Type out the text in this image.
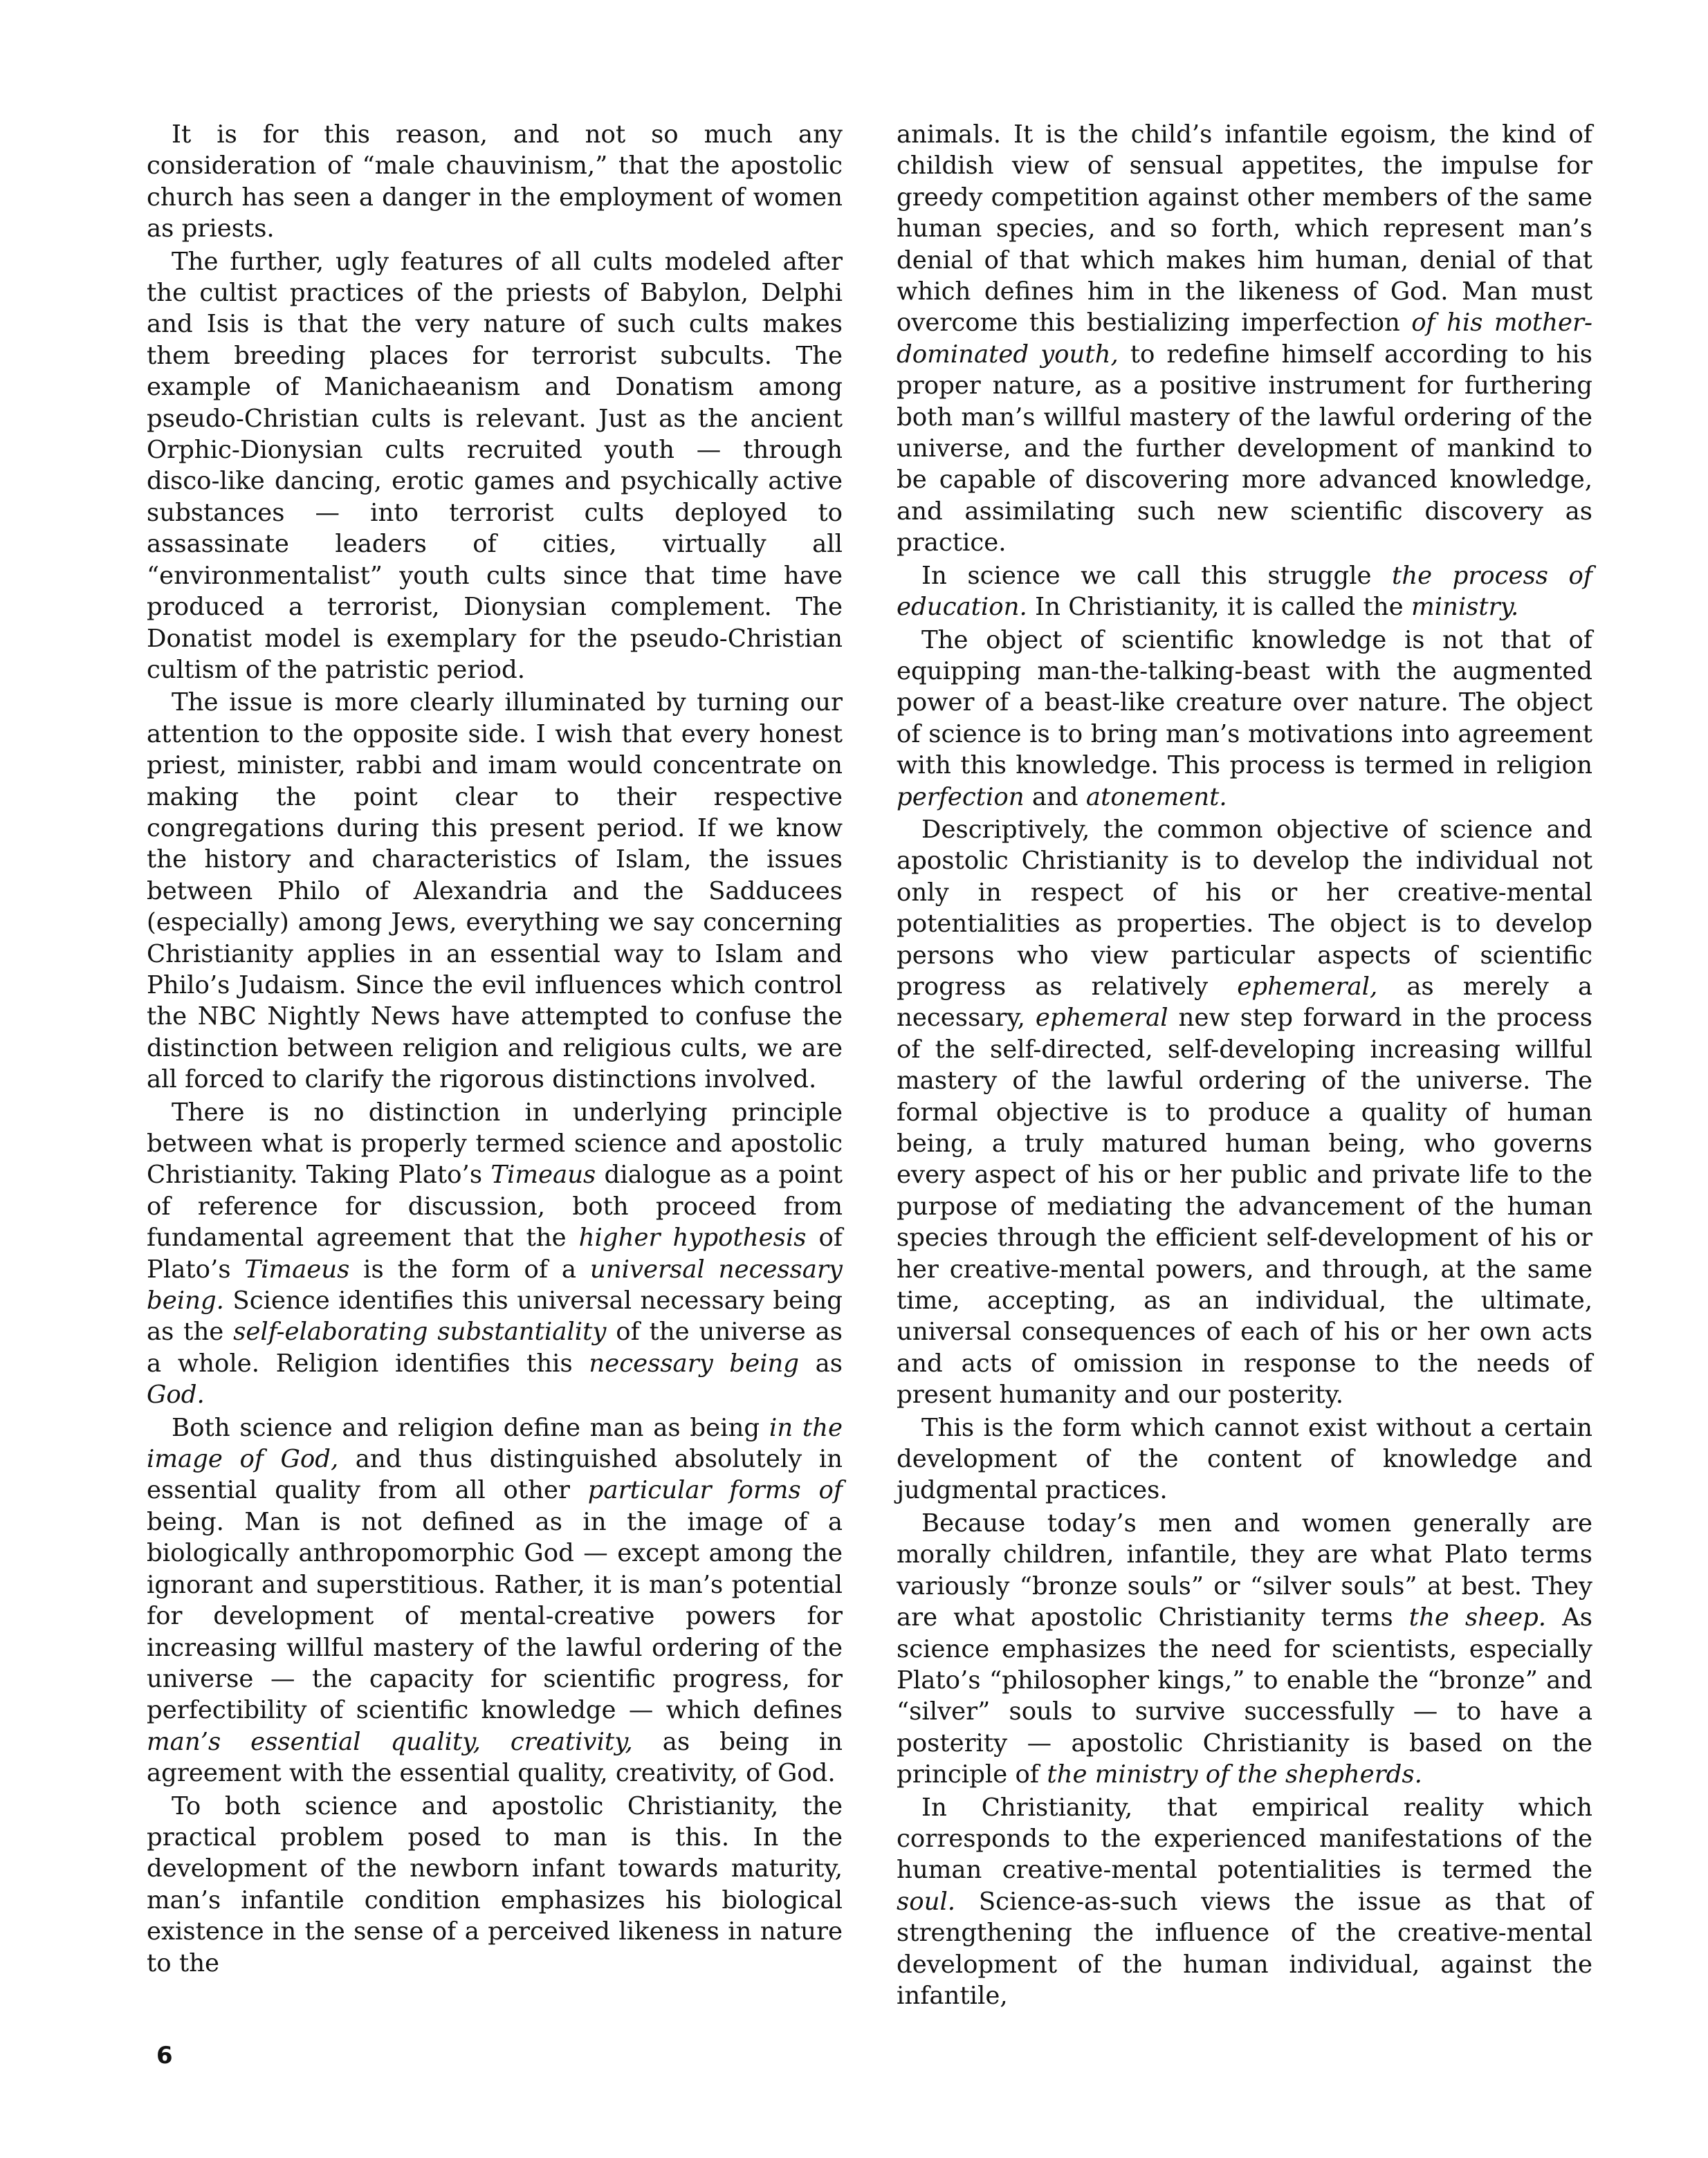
It is for this reason, and not so much any consideration of “male chauvinism,” that the apostolic church has seen a danger in the employment of women as priests.

The further, ugly features of all cults modeled after the cultist practices of the priests of Babylon, Delphi and Isis is that the very nature of such cults makes them breeding places for terrorist subcults. The example of Manichaeanism and Donatism among pseudo-Christian cults is relevant. Just as the ancient Orphic-Dionysian cults recruited youth — through disco-like dancing, erotic games and psychically active substances — into terrorist cults deployed to assassinate leaders of cities, virtually all “environmentalist” youth cults since that time have produced a terrorist, Dionysian complement. The Donatist model is exemplary for the pseudo-Christian cultism of the patristic period.

The issue is more clearly illuminated by turning our attention to the opposite side. I wish that every honest priest, minister, rabbi and imam would concentrate on making the point clear to their respective congregations during this present period. If we know the history and characteristics of Islam, the issues between Philo of Alexandria and the Sadducees (especially) among Jews, everything we say concerning Christianity applies in an essential way to Islam and Philo’s Judaism. Since the evil influences which control the NBC Nightly News have attempted to confuse the distinction between religion and religious cults, we are all forced to clarify the rigorous distinctions involved.

There is no distinction in underlying principle between what is properly termed science and apostolic Christianity. Taking Plato’s Timeaus dialogue as a point of reference for discussion, both proceed from fundamental agreement that the higher hypothesis of Plato’s Timaeus is the form of a universal necessary being. Science identifies this universal necessary being as the self-elaborating substantiality of the universe as a whole. Religion identifies this necessary being as God.

Both science and religion define man as being in the image of God, and thus distinguished absolutely in essential quality from all other particular forms of being. Man is not defined as in the image of a biologically anthropomorphic God — except among the ignorant and superstitious. Rather, it is man’s potential for development of mental-creative powers for increasing willful mastery of the lawful ordering of the universe — the capacity for scientific progress, for perfectibility of scientific knowledge — which defines man’s essential quality, creativity, as being in agreement with the essential quality, creativity, of God.

To both science and apostolic Christianity, the practical problem posed to man is this. In the development of the newborn infant towards maturity, man’s infantile condition emphasizes his biological existence in the sense of a perceived likeness in nature to the

animals. It is the child’s infantile egoism, the kind of childish view of sensual appetites, the impulse for greedy competition against other members of the same human species, and so forth, which represent man’s denial of that which makes him human, denial of that which defines him in the likeness of God. Man must overcome this bestializing imperfection of his mother-dominated youth, to redefine himself according to his proper nature, as a positive instrument for furthering both man’s willful mastery of the lawful ordering of the universe, and the further development of mankind to be capable of discovering more advanced knowledge, and assimilating such new scientific discovery as practice.

In science we call this struggle the process of education. In Christianity, it is called the ministry.

The object of scientific knowledge is not that of equipping man-the-talking-beast with the augmented power of a beast-like creature over nature. The object of science is to bring man’s motivations into agreement with this knowledge. This process is termed in religion perfection and atonement.

Descriptively, the common objective of science and apostolic Christianity is to develop the individual not only in respect of his or her creative-mental potentialities as properties. The object is to develop persons who view particular aspects of scientific progress as relatively ephemeral, as merely a necessary, ephemeral new step forward in the process of the self-directed, self-developing increasing willful mastery of the lawful ordering of the universe. The formal objective is to produce a quality of human being, a truly matured human being, who governs every aspect of his or her public and private life to the purpose of mediating the advancement of the human species through the efficient self-development of his or her creative-mental powers, and through, at the same time, accepting, as an individual, the ultimate, universal consequences of each of his or her own acts and acts of omission in response to the needs of present humanity and our posterity.

This is the form which cannot exist without a certain development of the content of knowledge and judgmental practices.

Because today’s men and women generally are morally children, infantile, they are what Plato terms variously “bronze souls” or “silver souls” at best. They are what apostolic Christianity terms the sheep. As science emphasizes the need for scientists, especially Plato’s “philosopher kings,” to enable the “bronze” and “silver” souls to survive successfully — to have a posterity — apostolic Christianity is based on the principle of the ministry of the shepherds.

In Christianity, that empirical reality which corresponds to the experienced manifestations of the human creative-mental potentialities is termed the soul. Science-as-such views the issue as that of strengthening the influence of the creative-mental development of the human individual, against the infantile,

6
